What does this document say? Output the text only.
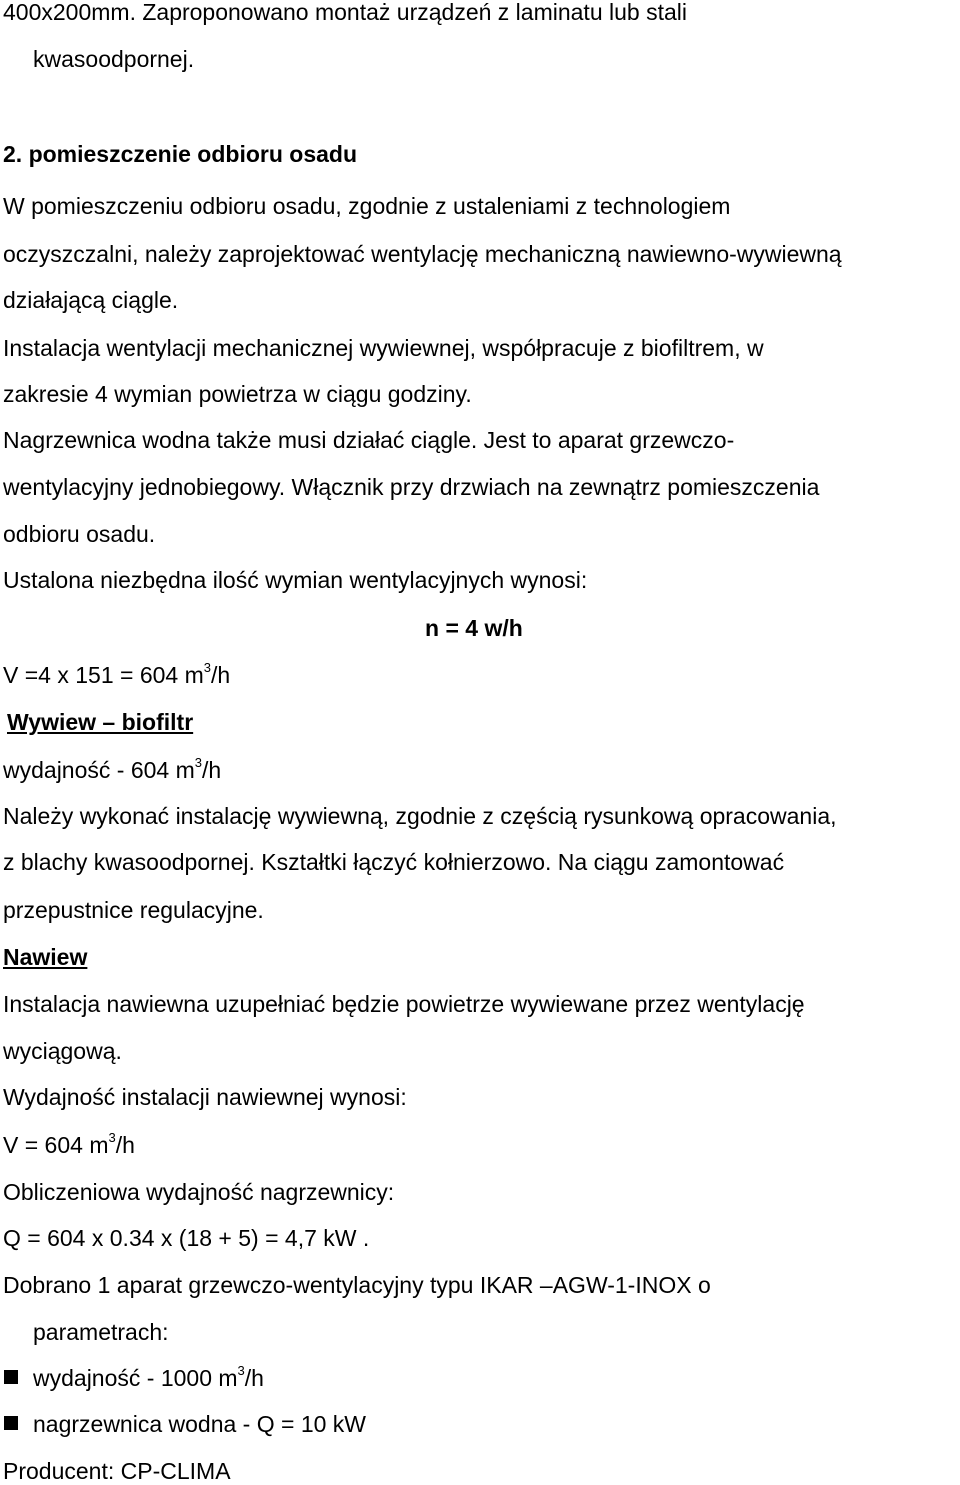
400x200mm. Zaproponowano montaż urządzeń z laminatu lub stali

kwasoodpornej.

2. pomieszczenie odbioru osadu

W pomieszczeniu odbioru osadu, zgodnie z ustaleniami z technologiem

oczyszczalni, należy zaprojektować wentylację mechaniczną nawiewno-wywiewną

działającą ciągle.

Instalacja wentylacji mechanicznej wywiewnej, współpracuje z biofiltrem, w

zakresie 4 wymian powietrza w ciągu godziny.

Nagrzewnica wodna także musi działać ciągle. Jest to aparat grzewczo-

wentylacyjny jednobiegowy. Włącznik przy drzwiach na zewnątrz pomieszczenia

odbioru osadu.

Ustalona niezbędna ilość wymian wentylacyjnych wynosi:

n = 4 w/h

V =4 x 151 = 604 $m^3/h$

Wywiew – biofiltr

wydajność - 604 $m^3/h$

Należy wykonać instalację wywiewną, zgodnie z częścią rysunkową opracowania,

z blachy kwasoodpornej. Kształtki łączyć kołnierzowo. Na ciągu zamontować

przepustnice regulacyjne.

Nawiew

Instalacja nawiewna uzupełniać będzie powietrze wywiewane przez wentylację

wyciągową.

Wydajność instalacji nawiewnej wynosi:

V = 604 $m^3/h$

Obliczeniowa wydajność nagrzewnicy:

Q = 604 x 0.34 x (18 + 5) = 4,7 kW .

Dobrano 1 aparat grzewczo-wentylacyjny typu IKAR –AGW-1-INOX o

parametrach:

wydajność - 1000 $m^3/h$

nagrzewnica wodna - Q = 10 kW

Producent: CP-CLIMA
